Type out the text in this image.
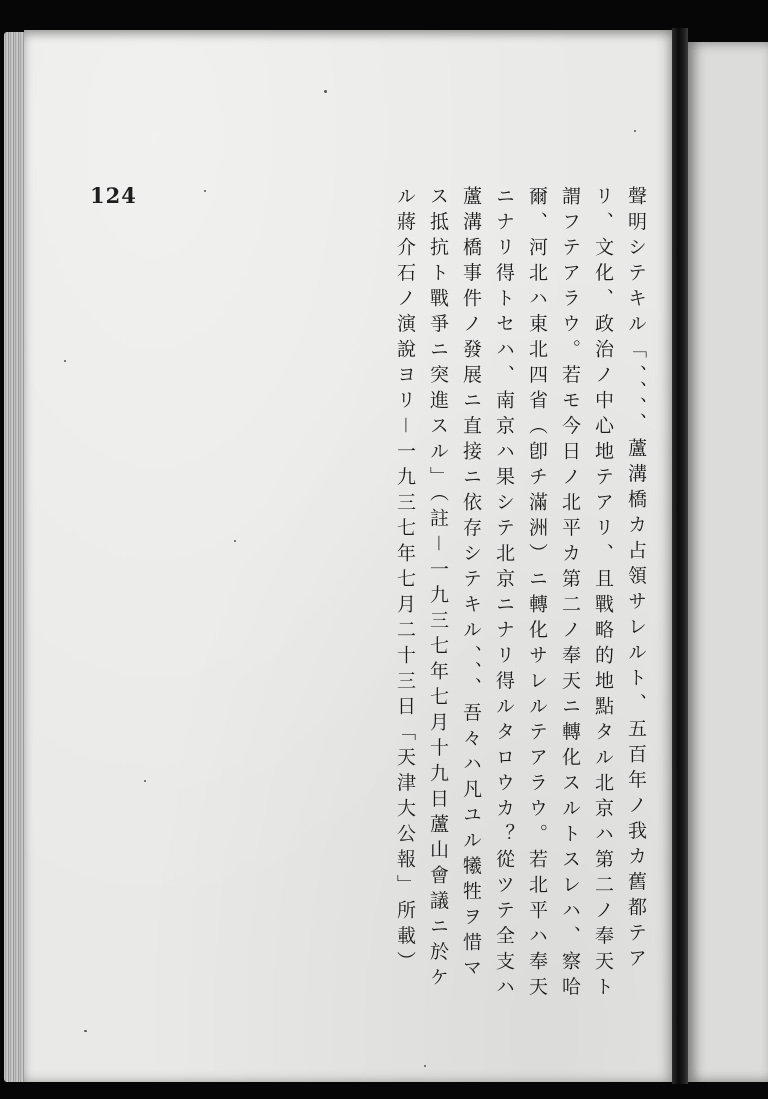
124	聲明シテキル「、、、、蘆溝橋カ占領サレルト、五百年ノ我カ舊都テア
リ、文化、政治ノ中心地テアリ、且戰略的地點タル北京ハ第二ノ奉天ト
謂フテアラウ。若モ今日ノ北平カ第二ノ奉天ニ轉化スルトスレハ、察哈
爾、河北ハ東北四省（卽チ滿洲）ニ轉化サレルテアラウ。若北平ハ奉天
ニナリ得トセハ、南京ハ果シテ北京ニナリ得ルタロウカ？從ツテ全支ハ
蘆溝橋事件ノ發展ニ直接ニ依存シテキル、、、吾々ハ凡ユル犧牲ヲ惜マ
ス抵抗ト戰爭ニ突進スル」（註－一九三七年七月十九日蘆山會議ニ於ケ
ル蔣介石ノ演說ヨリ－一九三七年七月二十三日「天津大公報」所載）
